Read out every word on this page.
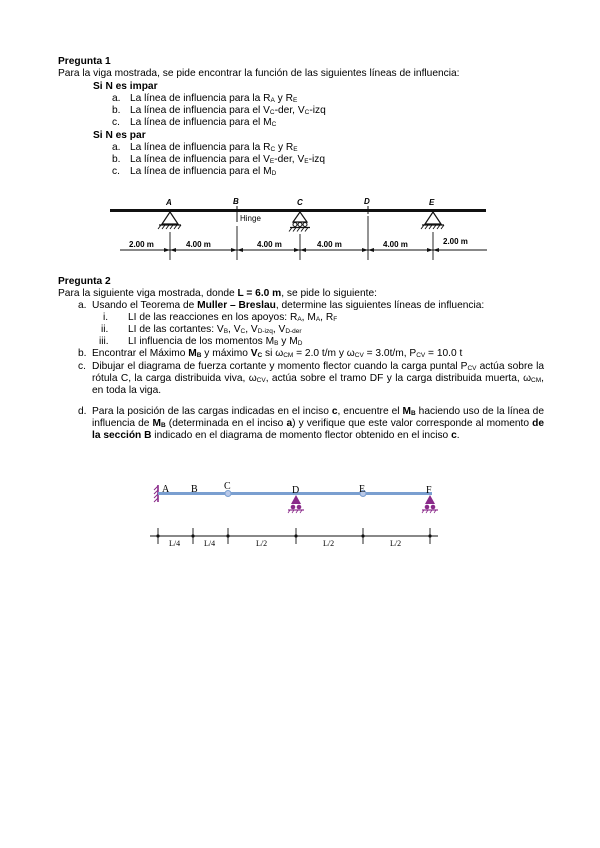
Pregunta 1
Para la viga mostrada, se pide encontrar la función de las siguientes líneas de influencia:
Si N es impar
a. La línea de influencia para la $R_A$ y $R_E$
b. La línea de influencia para el $V_C$-der, $V_C$-izq
c. La línea de influencia para el $M_C$
Si N es par
a. La línea de influencia para la $R_C$ y $R_E$
b. La línea de influencia para el $V_E$-der, $V_E$-izq
c. La línea de influencia para el $M_D$
A	B	C	D	E
Hinge
2.00 m	4.00 m	4.00 m	4.00 m	4.00 m	2.00 m
Pregunta 2
Para la siguiente viga mostrada, donde L = 6.0 m, se pide lo siguiente:
a. Usando el Teorema de Muller – Breslau, determine las siguientes líneas de influencia:
i. LI de las reacciones en los apoyos: $R_A$, $M_A$, $R_F$
ii. LI de las cortantes: $V_B$, $V_C$, $V_{D-izq}$, $V_{D-der}$
iii. LI influencia de los momentos $M_B$ y $M_D$
b. Encontrar el Máximo $M_B$ y máximo $V_C$ si $\omega_{CM} = 2.0$ t/m y $\omega_{CV} = 3.0t/m$, $P_{CV} = 10.0$ t
c. Dibujar el diagrama de fuerza cortante y momento flector cuando la carga puntal $P_{CV}$ actúa sobre la rótula C, la carga distribuida viva, $\omega_{CV}$, actúa sobre el tramo DF y la carga distribuida muerta, $\omega_{CM}$, en toda la viga.
d. Para la posición de las cargas indicadas en el inciso c, encuentre el $M_B$ haciendo uso de la línea de influencia de $M_B$ (determinada en el inciso a) y verifique que este valor corresponde al momento de la sección B indicado en el diagrama de momento flector obtenido en el inciso c.
A B	C	D	E	F
L/4	L/4	L/2	L/2	L/2
